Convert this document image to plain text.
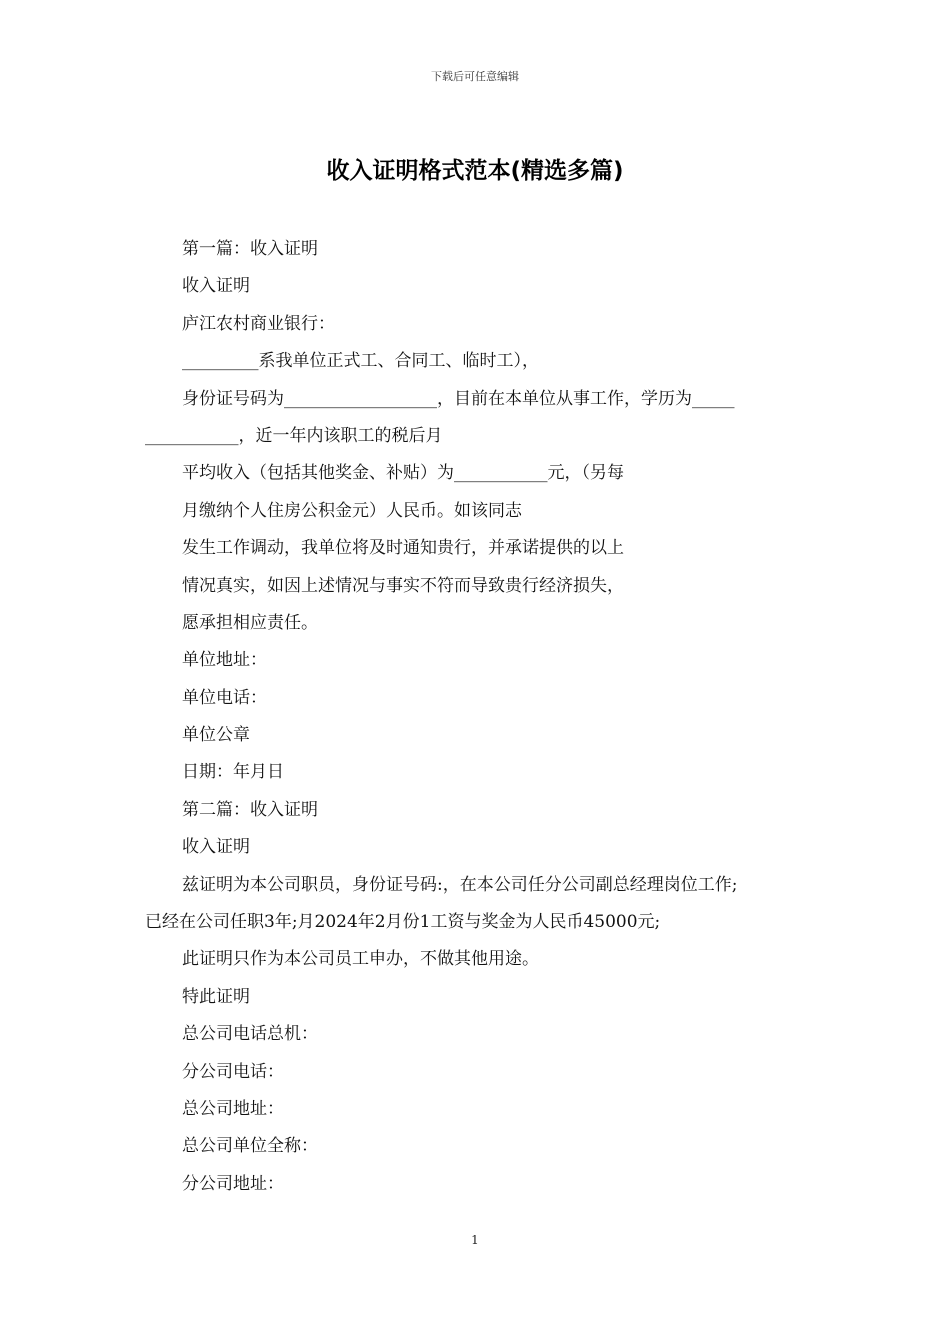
下载后可任意编辑
收入证明格式范本(精选多篇)
第一篇：收入证明
收入证明
庐江农村商业银行：
_________系我单位正式工、合同工、临时工），
身份证号码为__________________，目前在本单位从事工作，学历为_____
___________，近一年内该职工的税后月
平均收入（包括其他奖金、补贴）为___________元，（另每
月缴纳个人住房公积金元）人民币。如该同志
发生工作调动，我单位将及时通知贵行，并承诺提供的以上
情况真实，如因上述情况与事实不符而导致贵行经济损失，
愿承担相应责任。
单位地址：
单位电话：
单位公章
日期：年月日
第二篇：收入证明
收入证明
兹证明为本公司职员，身份证号码:，在本公司任分公司副总经理岗位工作;
已经在公司任职3年;月2024年2月份1工资与奖金为人民币45000元;
此证明只作为本公司员工申办，不做其他用途。
特此证明
总公司电话总机：
分公司电话：
总公司地址：
总公司单位全称：
分公司地址：
1
